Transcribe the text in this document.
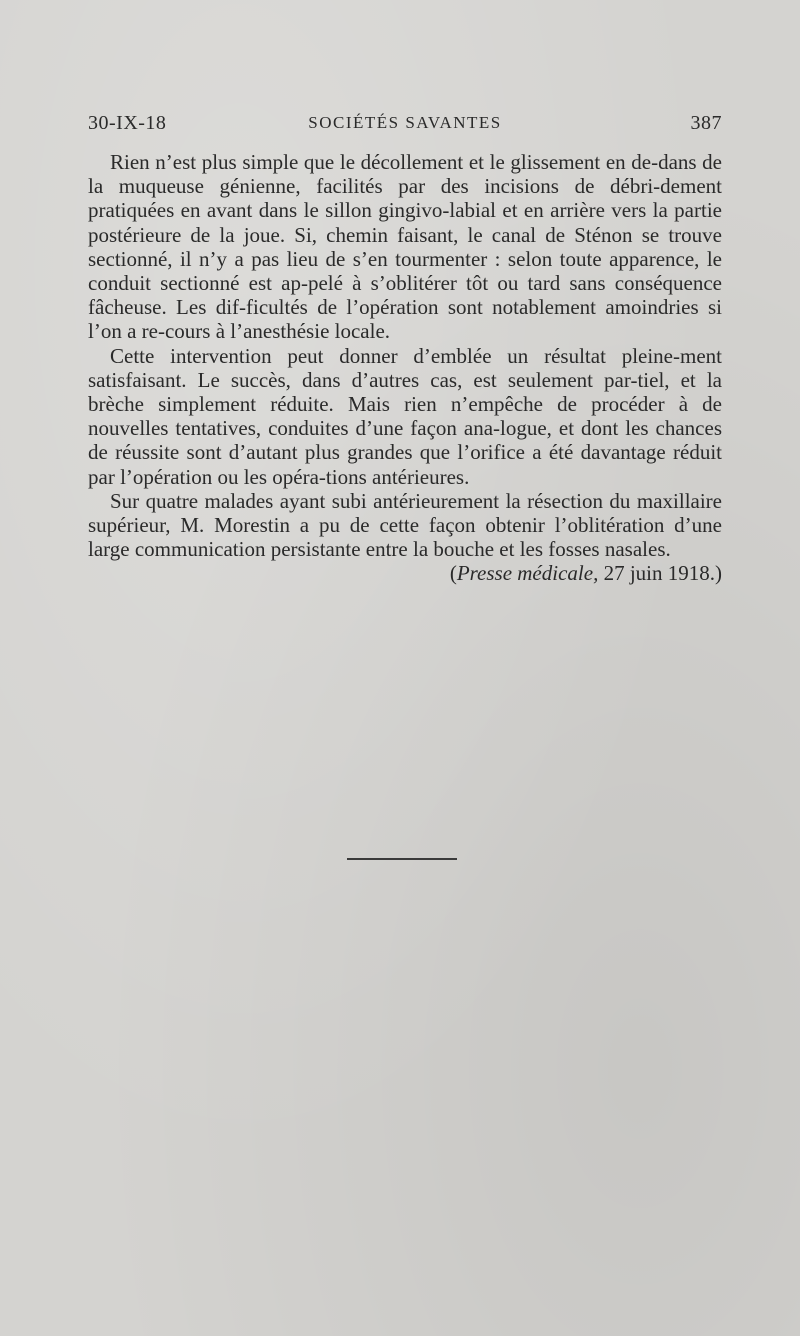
30-IX-18	SOCIÉTÉS SAVANTES	387

Rien n’est plus simple que le décollement et le glissement en de-dans de la muqueuse génienne, facilités par des incisions de débri-dement pratiquées en avant dans le sillon gingivo-labial et en arrière vers la partie postérieure de la joue. Si, chemin faisant, le canal de Sténon se trouve sectionné, il n’y a pas lieu de s’en tourmenter : selon toute apparence, le conduit sectionné est ap-pelé à s’oblitérer tôt ou tard sans conséquence fâcheuse. Les dif-ficultés de l’opération sont notablement amoindries si l’on a re-cours à l’anesthésie locale.

Cette intervention peut donner d’emblée un résultat pleine-ment satisfaisant. Le succès, dans d’autres cas, est seulement par-tiel, et la brèche simplement réduite. Mais rien n’empêche de procéder à de nouvelles tentatives, conduites d’une façon ana-logue, et dont les chances de réussite sont d’autant plus grandes que l’orifice a été davantage réduit par l’opération ou les opéra-tions antérieures.

Sur quatre malades ayant subi antérieurement la résection du maxillaire supérieur, M. Morestin a pu de cette façon obtenir l’oblitération d’une large communication persistante entre la bouche et les fosses nasales.

(Presse médicale, 27 juin 1918.)
